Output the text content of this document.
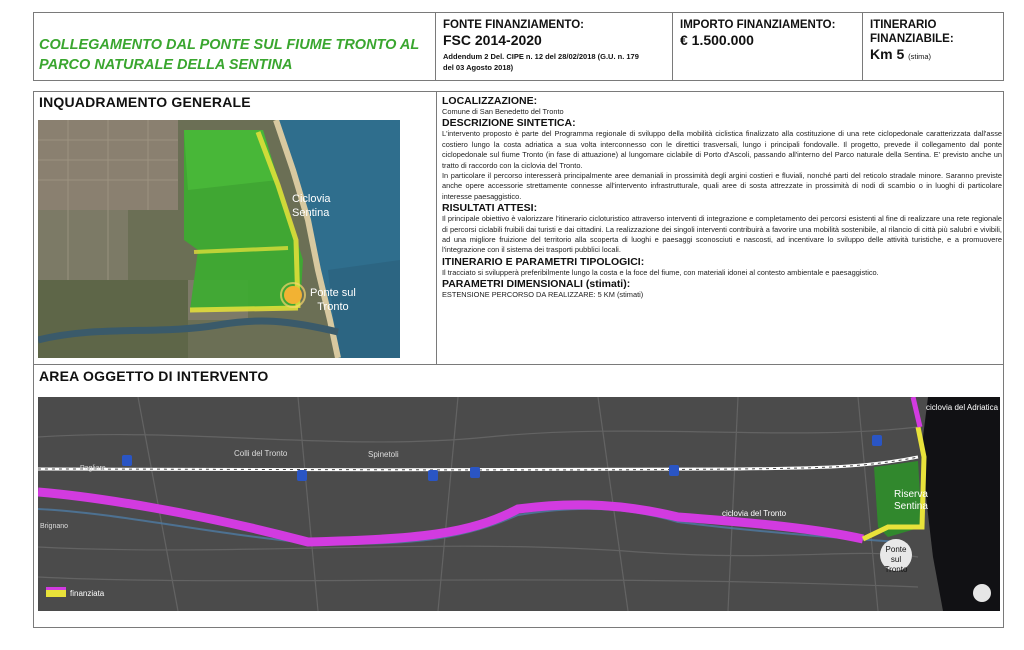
COLLEGAMENTO DAL PONTE SUL FIUME TRONTO AL
PARCO NATURALE DELLA SENTINA
FONTE FINANZIAMENTO:
FSC 2014-2020
Addendum 2 Del. CIPE n. 12 del 28/02/2018 (G.U. n. 179
del 03 Agosto 2018)
IMPORTO FINANZIAMENTO:
€ 1.500.000
ITINERARIO
FINANZIABILE:
Km 5 (stima)
INQUADRAMENTO GENERALE
Ciclovia
Sentina
Ponte sul
Tronto
LOCALIZZAZIONE:
Comune di San Benedetto del Tronto
DESCRIZIONE SINTETICA:
L'intervento proposto è parte del Programma regionale di sviluppo della mobilità ciclistica finalizzato alla costituzione di una rete ciclopedonale caratterizzata dall'asse costiero lungo la costa adriatica a sua volta interconnesso con le direttici trasversali, lungo i principali fondovalle. Il progetto, prevede il collegamento dal ponte ciclopedonale sul fiume Tronto (in fase di attuazione) al lungomare ciclabile di Porto d'Ascoli, passando all'interno del Parco naturale della Sentina. E' previsto anche un tratto di raccordo con la ciclovia del Tronto.
In particolare il percorso interesserà principalmente aree demaniali in prossimità degli argini costieri e fluviali, nonché parti del reticolo stradale minore. Saranno previste anche opere accessorie strettamente connesse all'intervento infrastrutturale, quali aree di sosta attrezzate in prossimità di nodi di scambio o in luoghi di particolare interesse paesaggistico.
RISULTATI ATTESI:
Il principale obiettivo è valorizzare l'itinerario cicloturistico attraverso interventi di integrazione e completamento dei percorsi esistenti al fine di realizzare una rete regionale di percorsi ciclabili fruibili dai turisti e dai cittadini. La realizzazione dei singoli interventi contribuirà a favorire una mobilità sostenibile, al rilancio di città più salubri e vivibili, ad una migliore fruizione del territorio alla scoperta di luoghi e paesaggi sconosciuti e nascosti, ad incentivare lo sviluppo delle attività turistiche, e a promuovere l'integrazione con il sistema dei trasporti pubblici locali.
ITINERARIO E PARAMETRI TIPOLOGICI:
Il tracciato si svilupperà preferibilmente lungo la costa e la foce del fiume, con materiali idonei al contesto ambientale e paesaggistico.
PARAMETRI DIMENSIONALI (stimati):
ESTENSIONE PERCORSO DA REALIZZARE: 5 KM (stimati)
AREA OGGETTO DI INTERVENTO
ciclovia del Adriatica
Colli del Tronto	Spinetoli
Pagliare
Brignano
ciclovia del Tronto
Riserva
Sentina
Ponte sul
Tronto
finanziata
